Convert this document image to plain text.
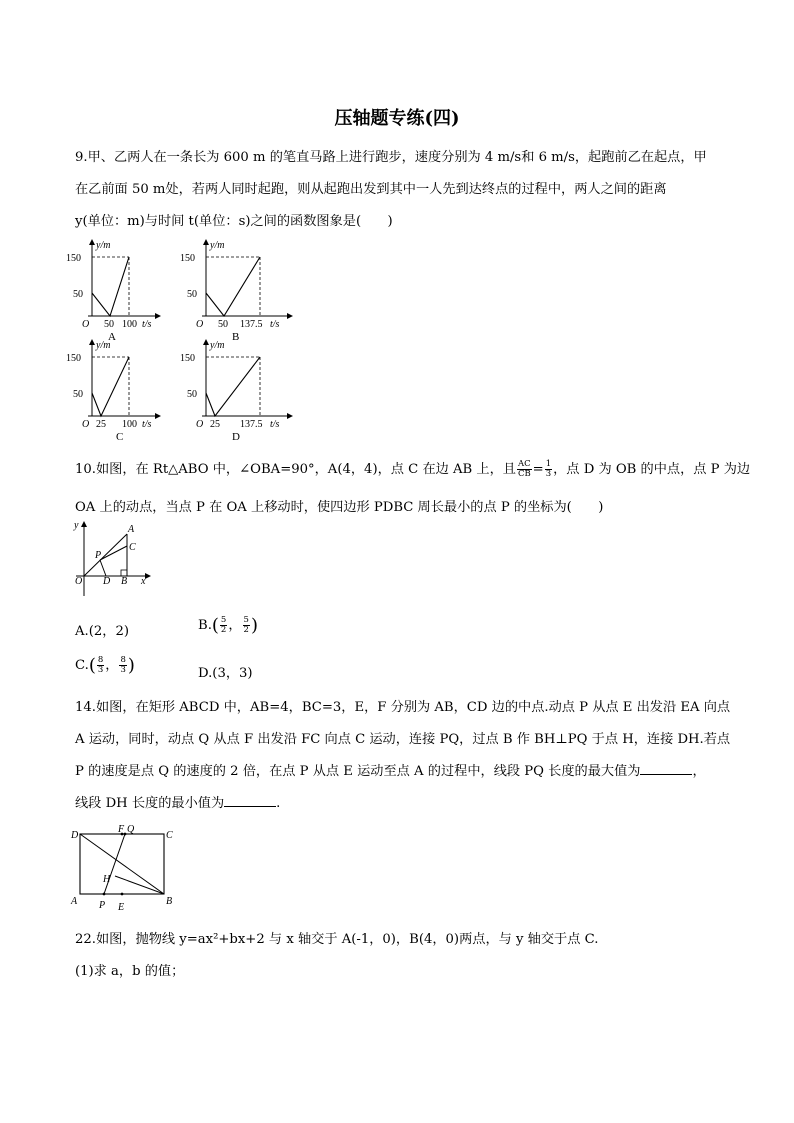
压轴题专练(四)
9.甲、乙两人在一条长为 600 m 的笔直马路上进行跑步，速度分别为 4 m/s和 6 m/s，起跑前乙在起点，甲
在乙前面 50 m处，若两人同时起跑，则从起跑出发到其中一人先到达终点的过程中，两人之间的距离
y(单位：m)与时间 t(单位：s)之间的函数图象是(　　)
y/m
150
50
O 50 100 t/s
A
y/m
150
50
O 50 137.5 t/s
B
y/m
150
50
O 25 100 t/s
C
y/m
150
50
O 25 137.5 t/s
D
10.如图，在 Rt△ABO 中，∠OBA=90°，A(4，4)，点 C 在边 AB 上，且 $\frac{AC}{CB} = \frac{1}{3}$ ，点 D 为 OB 的中点，点 P 为边
OA 上的动点，当点 P 在 OA 上移动时，使四边形 PDBC 周长最小的点 P 的坐标为(　　)
y
x
A
C
P
O D B
A.(2，2)	$B.( \frac{5}{2}$ ， $\frac{5}{2}$ )
$C.( \frac{8}{3}$ ， $\frac{8}{3}$ )	D.(3，3)
14.如图，在矩形 ABCD 中，AB=4，BC=3，E，F 分别为 AB，CD 边的中点.动点 P 从点 E 出发沿 EA 向点
A 运动，同时，动点 Q 从点 F 出发沿 FC 向点 C 运动，连接 PQ，过点 B 作 BH⊥PQ 于点 H，连接 DH.若点
P 的速度是点 Q 的速度的 2 倍，在点 P 从点 E 运动至点 A 的过程中，线段 PQ 长度的最大值为	，
线段 DH 长度的最小值为	.
D
F Q
C
H
A P E
B
22.如图，抛物线 y=ax²+bx+2 与 x 轴交于 A(-1，0)，B(4，0)两点，与 y 轴交于点 C.
(1)求 a，b 的值；
